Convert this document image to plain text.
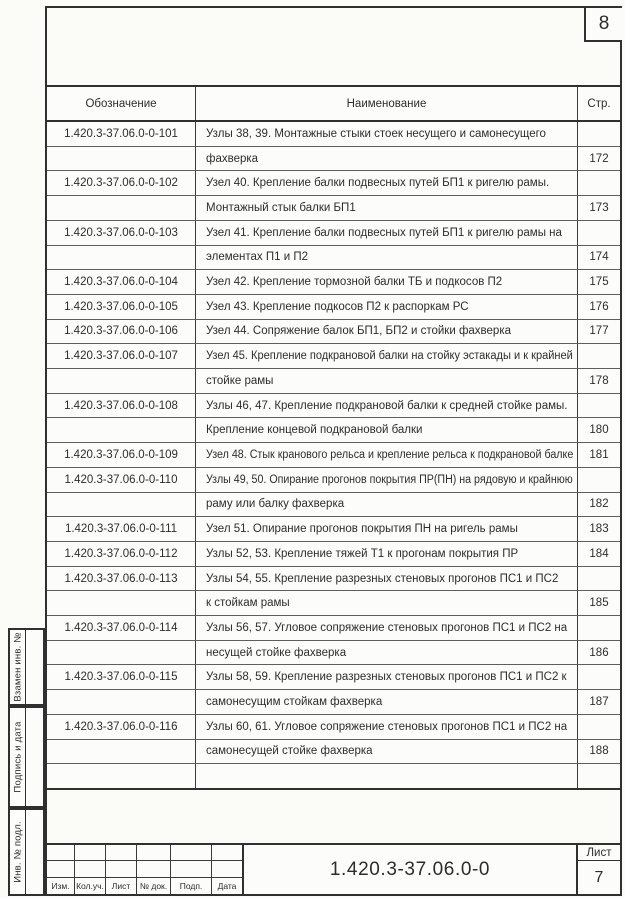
8
Обозначение	Наименование	Стр.
1.420.3-37.06.0-0-101 Узлы 38, 39. Монтажные стыки стоек несущего и самонесущего
фахверка	172
1.420.3-37.06.0-0-102 Узел 40. Крепление балки подвесных путей БП1 к ригелю рамы.
Монтажный стык балки БП1	173
1.420.3-37.06.0-0-103 Узел 41. Крепление балки подвесных путей БП1 к ригелю рамы на
элементах П1 и П2	174
1.420.3-37.06.0-0-104 Узел 42. Крепление тормозной балки ТБ и подкосов П2	175
1.420.3-37.06.0-0-105 Узел 43. Крепление подкосов П2 к распоркам РС	176
1.420.3-37.06.0-0-106 Узел 44. Сопряжение балок БП1, БП2 и стойки фахверка	177
1.420.3-37.06.0-0-107 Узел 45. Крепление подкрановой балки на стойку эстакады и к крайней
стойке рамы	178
1.420.3-37.06.0-0-108 Узлы 46, 47. Крепление подкрановой балки к средней стойке рамы.
Крепление концевой подкрановой балки	180
1.420.3-37.06.0-0-109 Узел 48. Стык кранового рельса и крепление рельса к подкрановой балке 181
1.420.3-37.06.0-0-110 Узлы 49, 50. Опирание прогонов покрытия ПР(ПН) на рядовую и крайнюю
раму или балку фахверка	182
1.420.3-37.06.0-0-111	Узел 51. Опирание прогонов покрытия ПН на ригель рамы	183
1.420.3-37.06.0-0-112 Узлы 52, 53. Крепление тяжей Т1 к прогонам покрытия ПР	184
1.420.3-37.06.0-0-113 Узлы 54, 55. Крепление разрезных стеновых прогонов ПС1 и ПС2
к стойкам рамы	185
1.420.3-37.06.0-0-114 Узлы 56, 57. Угловое сопряжение стеновых прогонов ПС1 и ПС2 на
несущей стойке фахверка	186
1.420.3-37.06.0-0-115 Узлы 58, 59. Крепление разрезных стеновых прогонов ПС1 и ПС2 к
самонесущим стойкам фахверка	187
1.420.3-37.06.0-0-116 Узлы 60, 61. Угловое сопряжение стеновых прогонов ПС1 и ПС2 на
самонесущей стойке фахверка	188
Взамен инв. №
Подпись и дата
Инв. № подл.
Изм. Кол.уч. Лист № док. Подп. Дата
1.420.3-37.06.0-0
Лист
7
